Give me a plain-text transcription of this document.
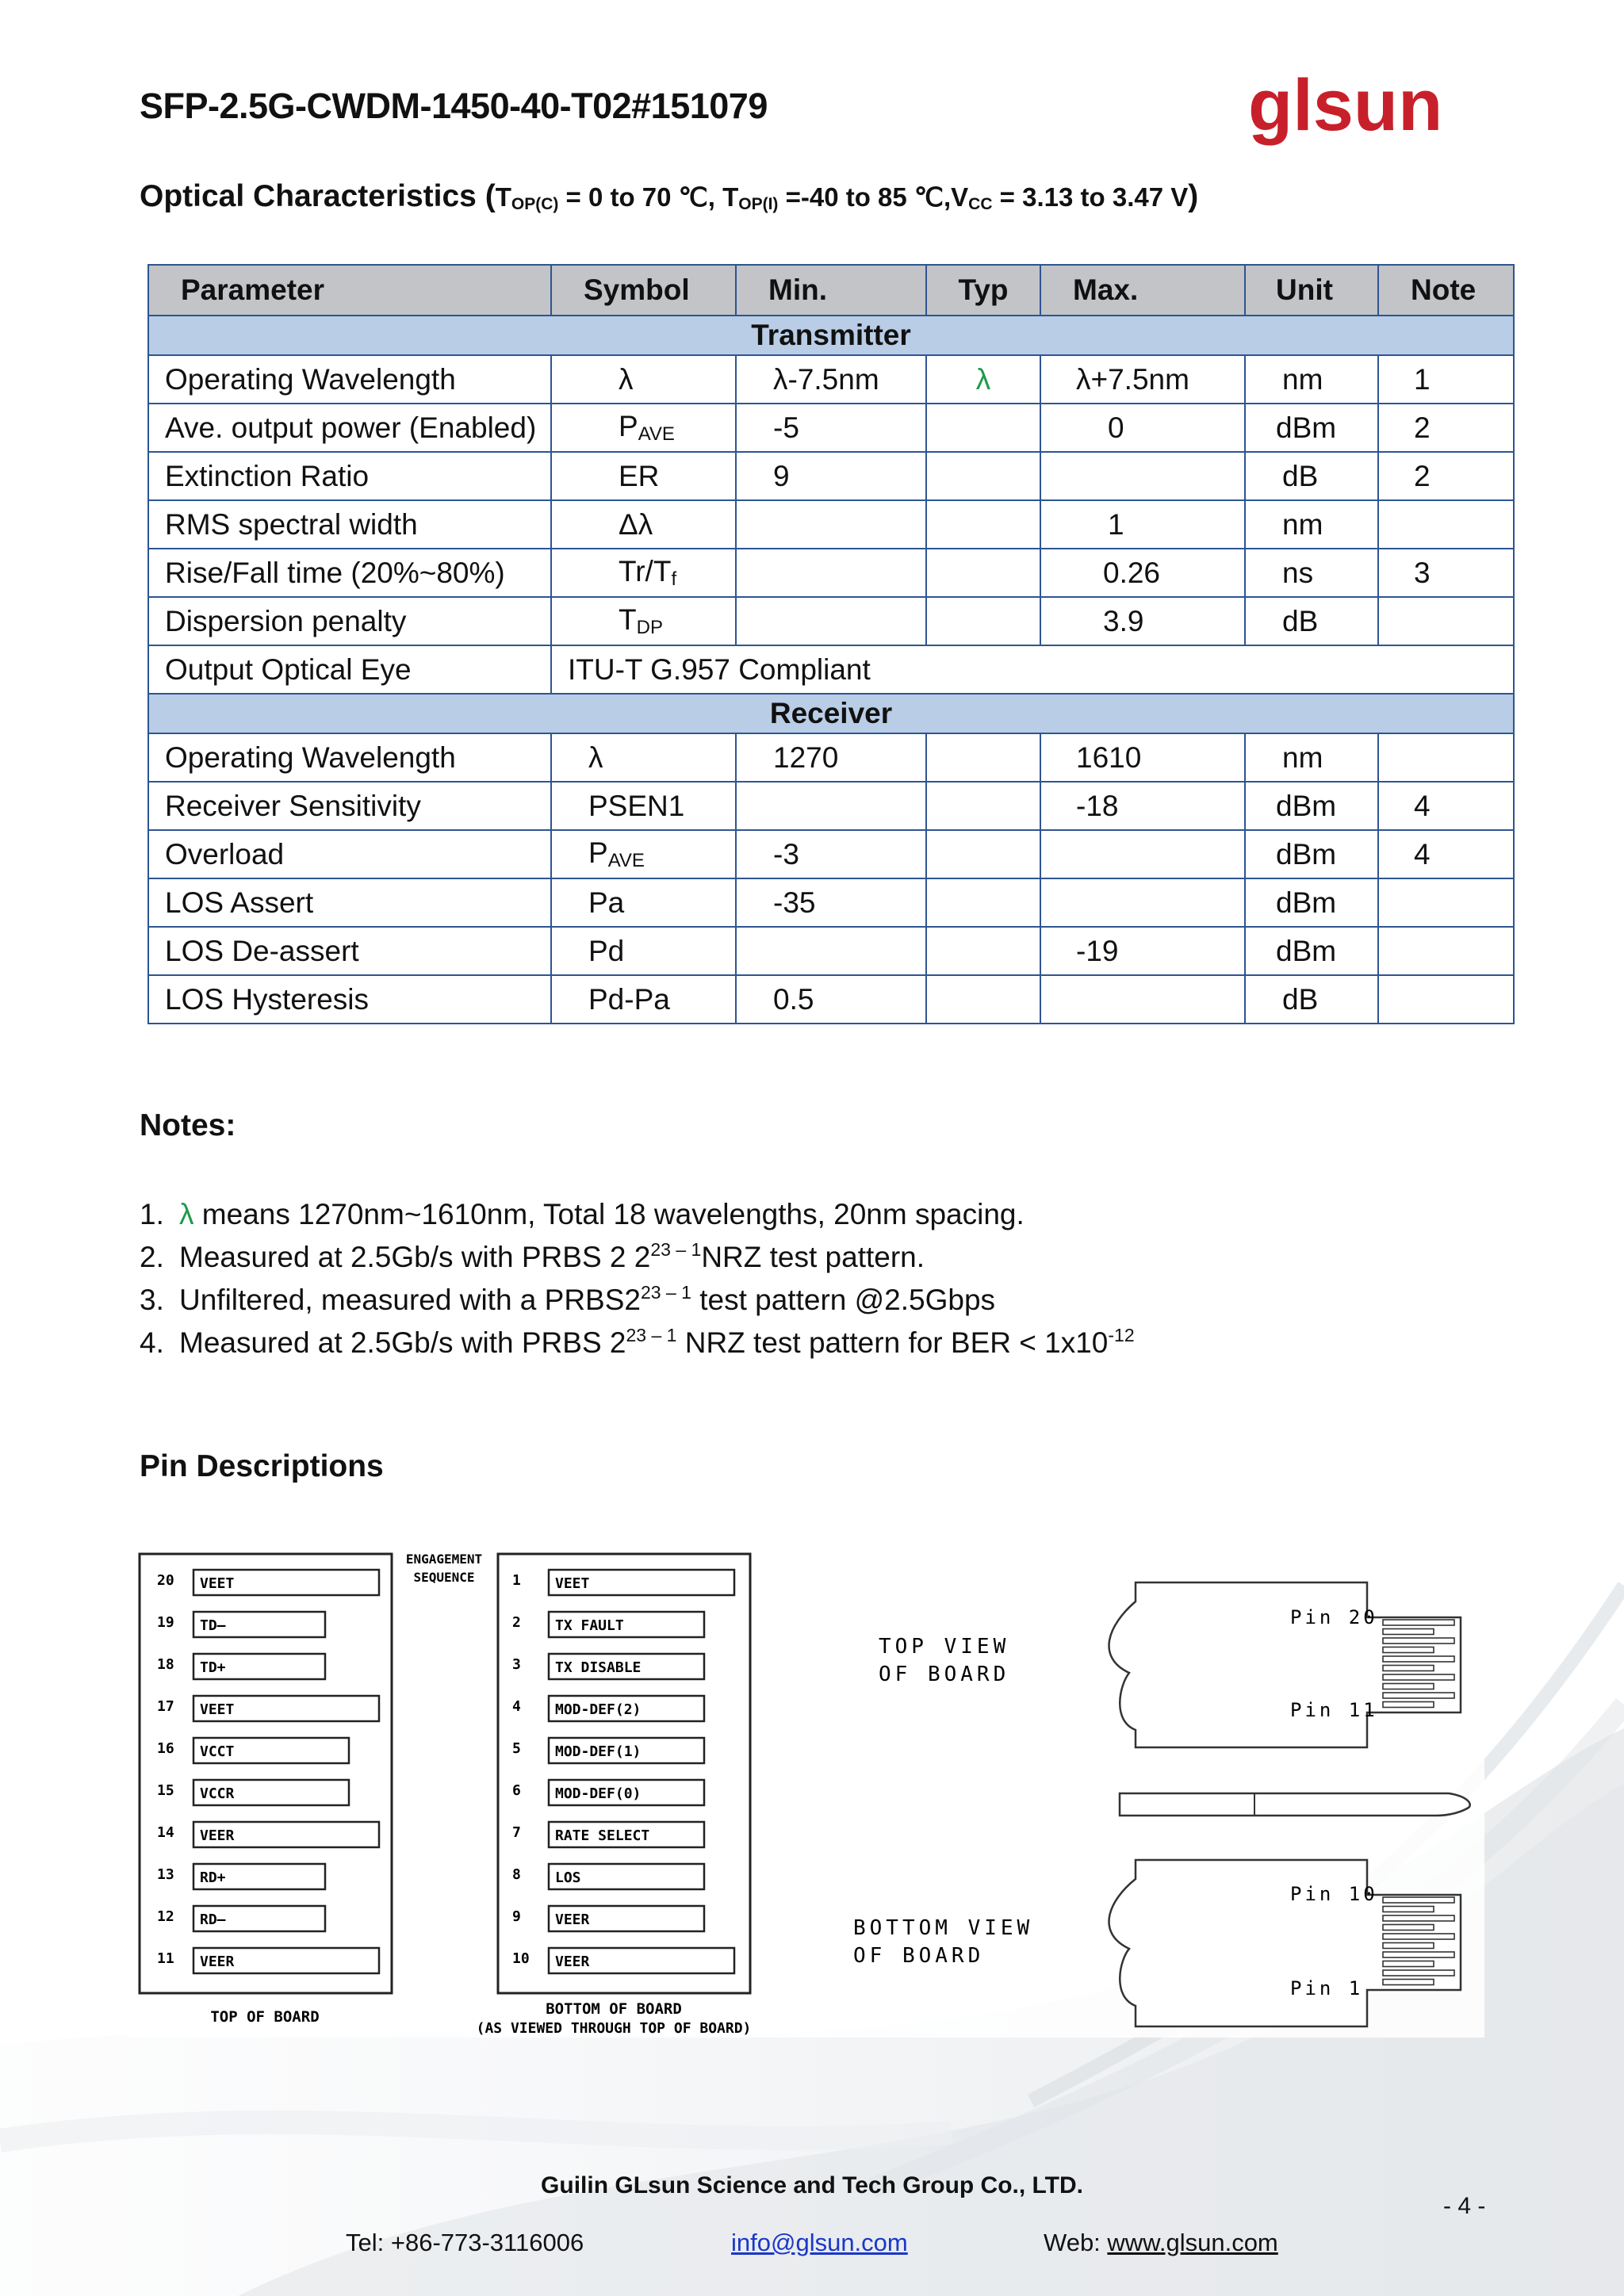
SFP-2.5G-CWDM-1450-40-T02#151079	glsun
Optical Characteristics ($T_{OP(C)} = 0$ to 70 ℃, $T_{OP(I)} =-40$ to 85 $℃,V_{CC} = 3.13$ to 3.47 V)
Parameter	Symbol	Min.	Typ	Max.	Unit	Note
Transmitter						
Operating Wavelength	λ	λ-7.5nm	λ	λ+7.5nm	nm	1
Ave. output power (Enabled)	$P_{AVE}$	-5		0	dBm	2
Extinction Ratio	ER	9			dB	2
RMS spectral width	Δλ			1	nm	
Rise/Fall time (20%~80%)	$Tr/T_f$			0.26	ns	3
Dispersion penalty	$T_{DP}$			3.9	dB	
Output Optical Eye	ITU-T G.957 Compliant					
Receiver						
Operating Wavelength	λ	1270		1610	nm	
Receiver Sensitivity	PSEN1			-18	dBm	4
Overload	$P_{AVE}$	-3			dBm	4
LOS Assert	Pa	-35			dBm	
LOS De-assert	Pd			-19	dBm	
LOS Hysteresis	Pd-Pa	0.5			dB	
Notes:
1. λ means 1270nm~1610nm, Total 18 wavelengths, 20nm spacing.
2. Measured at 2.5Gb/s with PRBS 2 2$^{23 - 1}$NRZ test pattern.
3. Unfiltered, measured with a PRBS2$^{23 - 1}$ test pattern @2.5Gbps
4. Measured at 2.5Gb/s with PRBS 2$^{23 - 1}$ NRZ test pattern for BER < $1x10^{-12}$
Pin Descriptions
ENGAGEMENT
SEQUENCE
TOP OF BOARD	BOTTOM OF BOARD
(AS VIEWED THROUGH TOP OF BOARD)
20 VEET
19 TD–
18 TD+
17 VEET
16 VCCT
15 VCCR
14 VEER
13 RD+
12 RD–
11 VEER
1 VEET
2 TX FAULT
3 TX DISABLE
4 MOD-DEF(2)
5 MOD-DEF(1)
6 MOD-DEF(0)
7 RATE SELECT
8 LOS
9 VEER
10 VEER
TOP VIEW
OF BOARD
BOTTOM VIEW
OF BOARD
Pin 20
Pin 11
Pin 10
Pin 1
Guilin GLsun Science and Tech Group Co., LTD.
- 4 -
Tel: +86-773-3116006	info@glsun.com	Web: www.glsun.com
